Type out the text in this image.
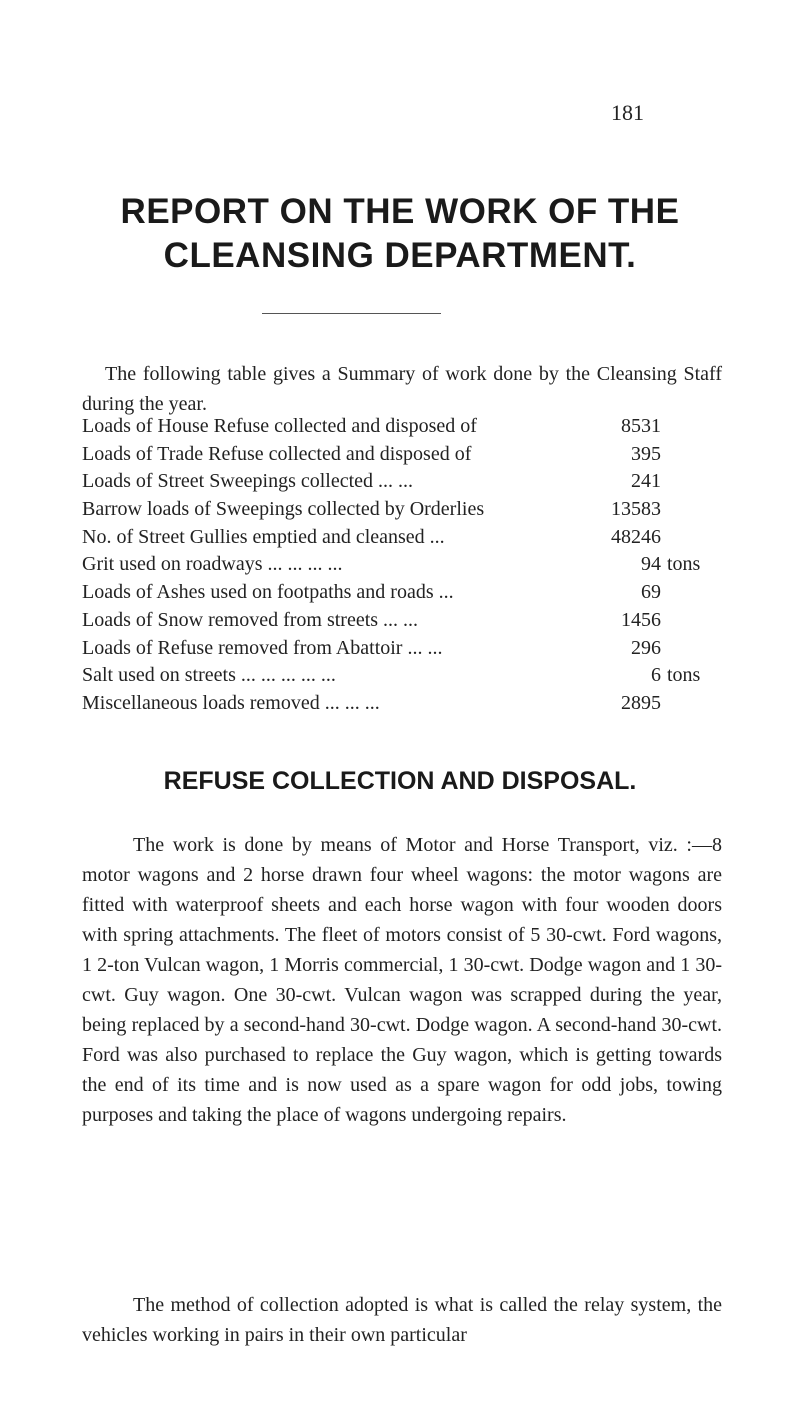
181
REPORT ON THE WORK OF THE
CLEANSING DEPARTMENT.

The following table gives a Summary of work done by the Cleansing Staff during the year.

Loads of House Refuse collected and disposed of	8531
Loads of Trade Refuse collected and disposed of	395
Loads of Street Sweepings collected ... ...	241
Barrow loads of Sweepings collected by Orderlies	13583
No. of Street Gullies emptied and cleansed ...	48246
Grit used on roadways ... ... ... ...	94 tons
Loads of Ashes used on footpaths and roads ...	69
Loads of Snow removed from streets ... ...	1456
Loads of Refuse removed from Abattoir ... ...	296
Salt used on streets ... ... ... ... ...	6 tons
Miscellaneous loads removed ... ... ...	2895
REFUSE COLLECTION AND DISPOSAL.

The work is done by means of Motor and Horse Transport, viz. :—8 motor wagons and 2 horse drawn four wheel wagons: the motor wagons are fitted with waterproof sheets and each horse wagon with four wooden doors with spring attachments. The fleet of motors consist of 5 30-cwt. Ford wagons, 1 2-ton Vulcan wagon, 1 Morris commercial, 1 30-cwt. Dodge wagon and 1 30-cwt. Guy wagon. One 30-cwt. Vulcan wagon was scrapped during the year, being replaced by a second-hand 30-cwt. Dodge wagon. A second-hand 30-cwt. Ford was also purchased to replace the Guy wagon, which is getting towards the end of its time and is now used as a spare wagon for odd jobs, towing purposes and taking the place of wagons undergoing repairs.

The method of collection adopted is what is called the relay system, the vehicles working in pairs in their own particular
